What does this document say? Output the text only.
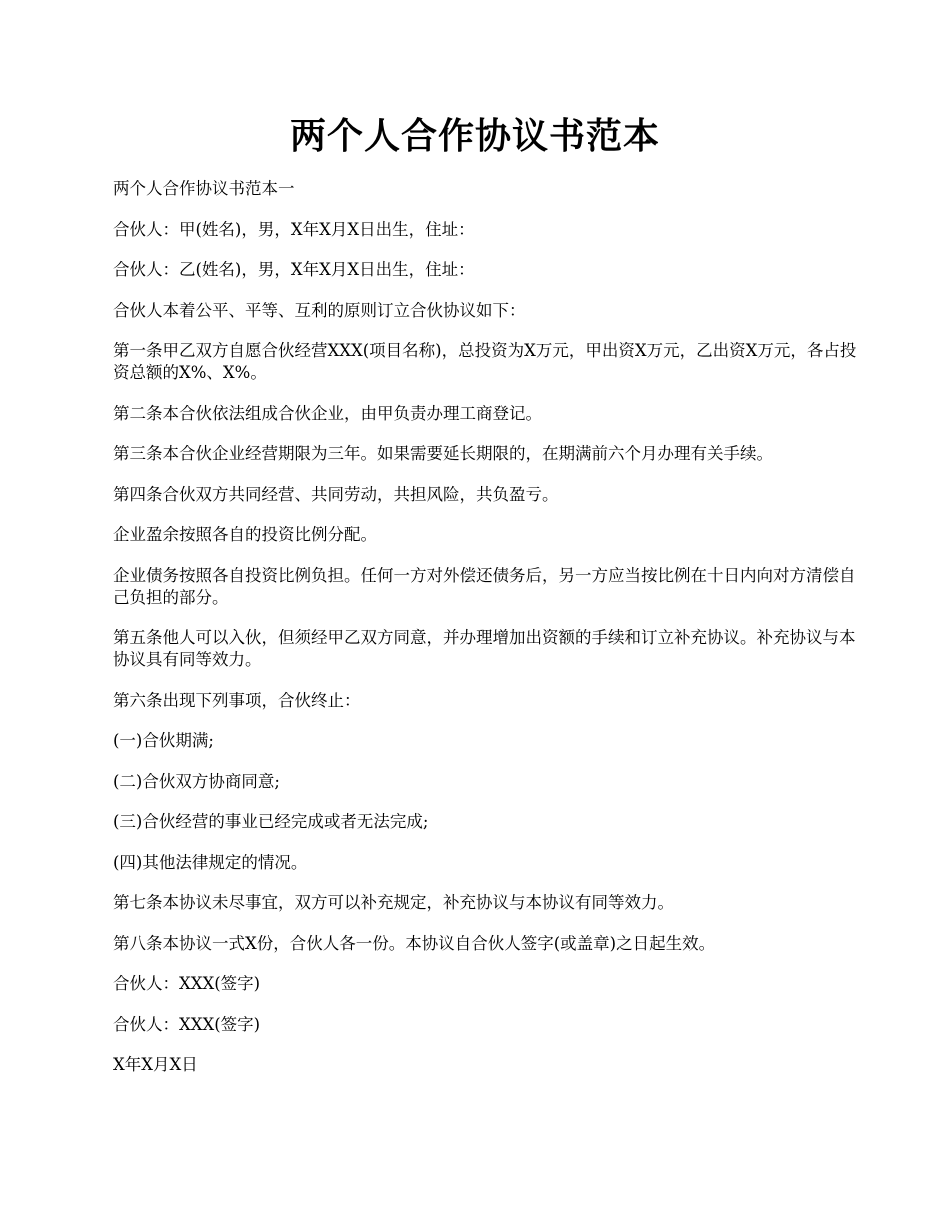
两个人合作协议书范本

两个人合作协议书范本一

合伙人：甲(姓名)，男，X年X月X日出生，住址：

合伙人：乙(姓名)，男，X年X月X日出生，住址：

合伙人本着公平、平等、互利的原则订立合伙协议如下：

第一条甲乙双方自愿合伙经营XXX(项目名称)，总投资为X万元，甲出资X万元，乙出资X万元，各占投资总额的X%、X%。

第二条本合伙依法组成合伙企业，由甲负责办理工商登记。

第三条本合伙企业经营期限为三年。如果需要延长期限的，在期满前六个月办理有关手续。

第四条合伙双方共同经营、共同劳动，共担风险，共负盈亏。

企业盈余按照各自的投资比例分配。

企业债务按照各自投资比例负担。任何一方对外偿还债务后，另一方应当按比例在十日内向对方清偿自己负担的部分。

第五条他人可以入伙，但须经甲乙双方同意，并办理增加出资额的手续和订立补充协议。补充协议与本协议具有同等效力。

第六条出现下列事项，合伙终止：

(一)合伙期满;

(二)合伙双方协商同意;

(三)合伙经营的事业已经完成或者无法完成;

(四)其他法律规定的情况。

第七条本协议未尽事宜，双方可以补充规定，补充协议与本协议有同等效力。

第八条本协议一式X份，合伙人各一份。本协议自合伙人签字(或盖章)之日起生效。

合伙人：XXX(签字)

合伙人：XXX(签字)

X年X月X日
